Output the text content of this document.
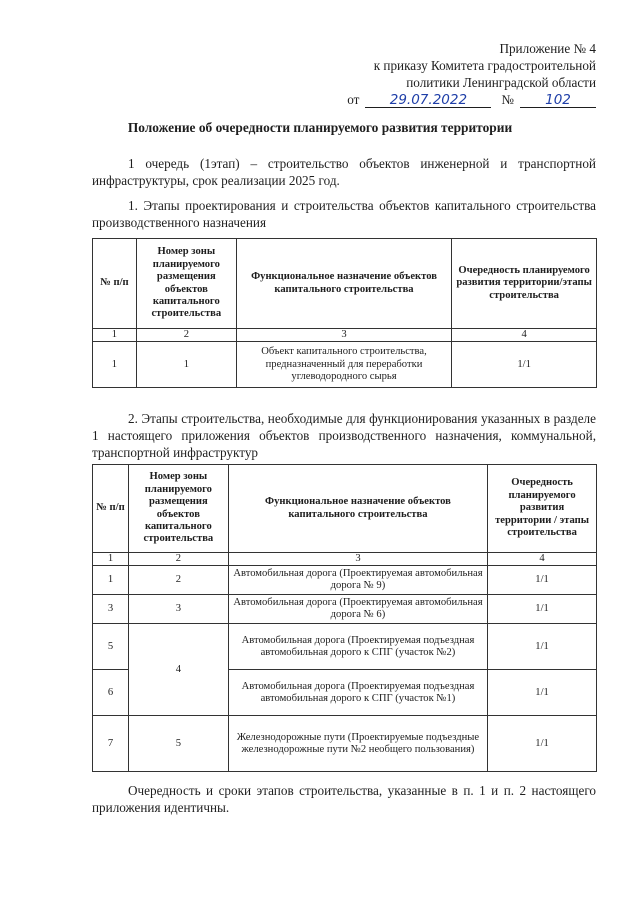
Приложение № 4
к приказу Комитета градостроительной
политики Ленинградской области
от	29.07.2022	№	102
Положение об очередности планируемого развития территории
1 очередь (1этап) – строительство объектов инженерной и транспортной инфраструктуры, срок реализации 2025 год.
1. Этапы проектирования и строительства объектов капитального строительства производственного назначения
№ п/п	Номер зоны планируемого размещения объектов капитального строительства	Функциональное назначение объектов капитального строительства	Очередность планируемого развития территории/этапы строительства
1	2	3	4
1	1	Объект капитального строительства, предназначенный для переработки углеводородного сырья	1/1
2. Этапы строительства, необходимые для функционирования указанных в разделе 1 настоящего приложения объектов производственного назначения, коммунальной, транспортной инфраструктур
№ п/п	Номер зоны планируемого размещения объектов капитального строительства	Функциональное назначение объектов капитального строительства	Очередность планируемого развития территории / этапы строительства
1	2	3	4
1	2	Автомобильная дорога (Проектируемая автомобильная дорога № 9)	1/1
3	3	Автомобильная дорога (Проектируемая автомобильная дорога № 6)	1/1
5	4	Автомобильная дорога (Проектируемая подъездная автомобильная дорого к СПГ (участок №2)	1/1
6		Автомобильная дорога (Проектируемая подъездная автомобильная дорого к СПГ (участок №1)	1/1
7	5	Железнодорожные пути (Проектируемые подъездные железнодорожные пути №2 необщего пользования)	1/1
Очередность и сроки этапов строительства, указанные в п. 1 и п. 2 настоящего приложения идентичны.
